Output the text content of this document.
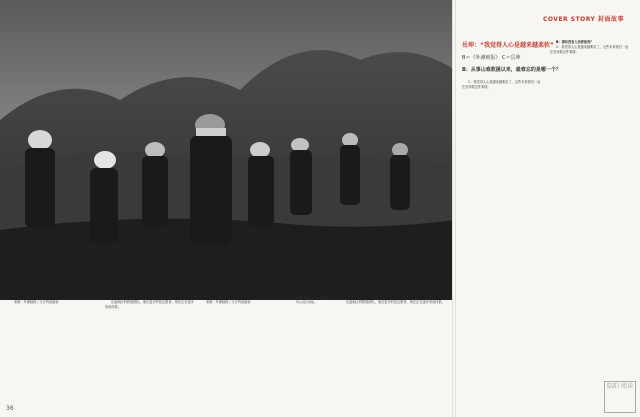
岳坤（前排左二）带领队员在雪山进行训练。

来源：外滩画报 / 文字内容摘录	比起地区的救援团队，他们更多的是志愿者，现在正在逐步形成体系。

来源：外滩画报 / 文字内容摘录	比起地区的救援团队，他们更多的是志愿者，现在正在逐步形成体系。

36
COVER STORY 封面故事
岳坤：“我觉得人心是越来越柔软”
B＝《外滩画报》 C＝岳坤
B：从事山难救援以来，最难忘的是哪一个？

C：我觉得人心是越来越柔软了，这些年来我们一直在坚持做这件事情。

B：那有没有人劝你放弃？

C：我觉得人心是越来越柔软了，这些年来我们一直在坚持做这件事情。

陆阳 阅读
